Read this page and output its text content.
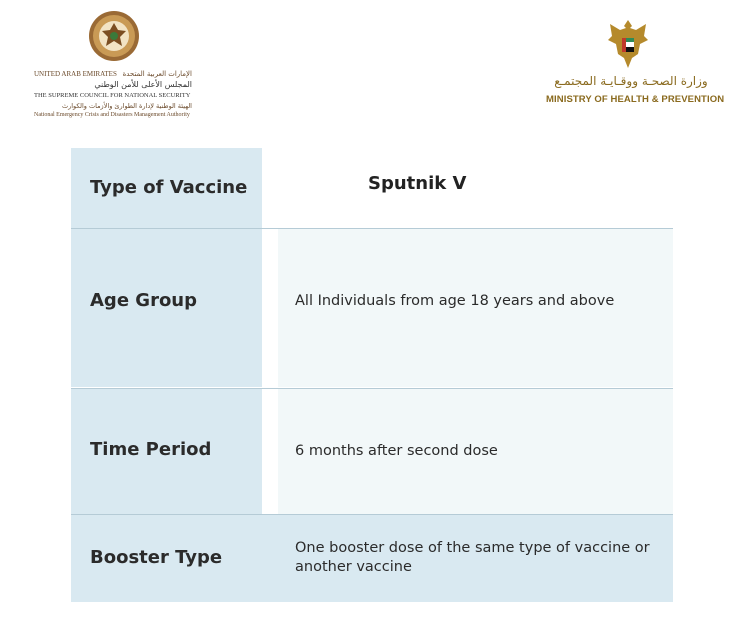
UNITED ARAB EMIRATES الإمارات العربية المتحدة
المجلس الأعلى للأمن الوطني
THE SUPREME COUNCIL FOR NATIONAL SECURITY
الهيئة الوطنية لإدارة الطوارئ والأزمات والكوارث
National Emergency Crisis and Disasters Management Authority
وزارة الصحـة ووقـايـة المجتمـع
MINISTRY OF HEALTH & PREVENTION
Type of Vaccine	Sputnik V
Age Group	All Individuals from age 18 years and above
Time Period	6 months after second dose
Booster Type	One booster dose of the same type of vaccine or another vaccine
